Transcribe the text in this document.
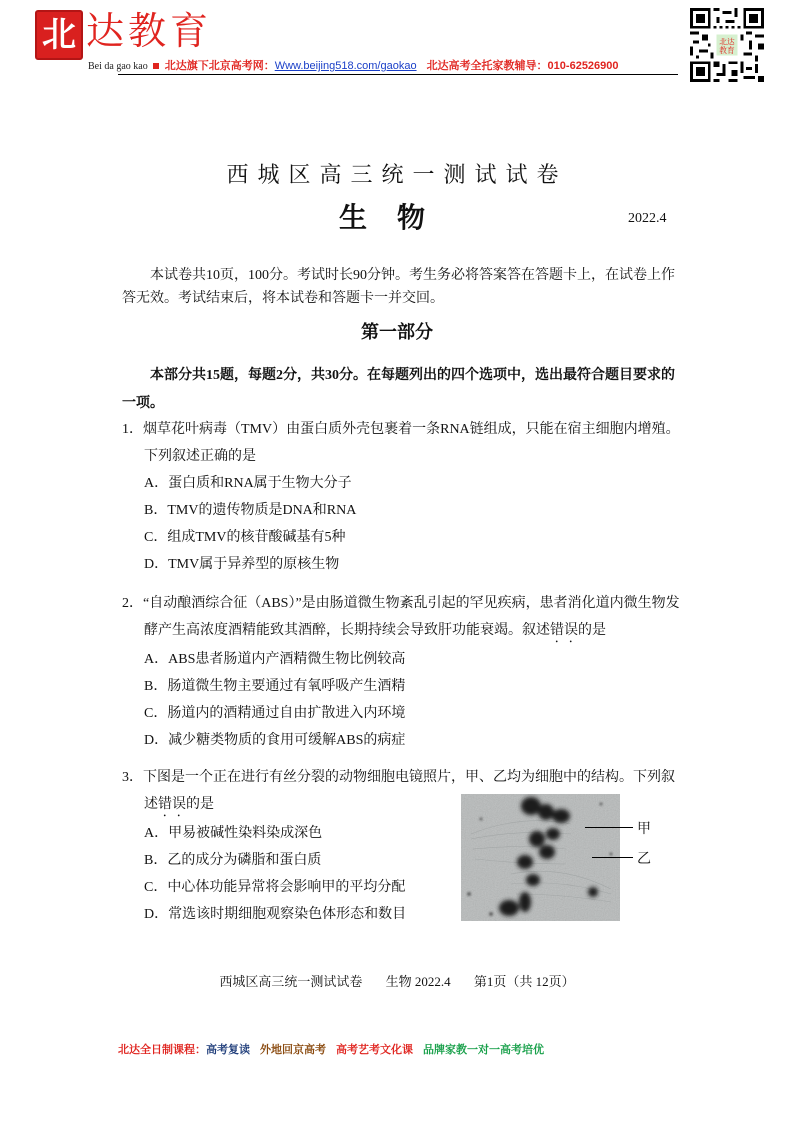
北 达教育
Bei da gao kao 北达旗下北京高考网：Www.beijing518.com/gaokao 北达高考全托家教辅导：010-62526900
北达
教育
西城区高三统一测试试卷
生物	2022.4
本试卷共10页，100分。考试时长90分钟。考生务必将答案答在答题卡上，在试卷上作答无效。考试结束后，将本试卷和答题卡一并交回。
第一部分
本部分共15题，每题2分，共30分。在每题列出的四个选项中，选出最符合题目要求的一项。
1．烟草花叶病毒（TMV）由蛋白质外壳包裹着一条RNA链组成，只能在宿主细胞内增殖。下列叙述正确的是
A．蛋白质和RNA属于生物大分子
B．TMV的遗传物质是DNA和RNA
C．组成TMV的核苷酸碱基有5种
D．TMV属于异养型的原核生物
2．“自动酿酒综合征（ABS）”是由肠道微生物紊乱引起的罕见疾病，患者消化道内微生物发酵产生高浓度酒精能致其酒醉，长期持续会导致肝功能衰竭。叙述错误的是
A．ABS患者肠道内产酒精微生物比例较高
B．肠道微生物主要通过有氧呼吸产生酒精
C．肠道内的酒精通过自由扩散进入内环境
D．减少糖类物质的食用可缓解ABS的病症
3．下图是一个正在进行有丝分裂的动物细胞电镜照片，甲、乙均为细胞中的结构。下列叙述错误的是
A．甲易被碱性染料染成深色
B．乙的成分为磷脂和蛋白质
C．中心体功能异常将会影响甲的平均分配
D．常选该时期细胞观察染色体形态和数目
甲
乙
西城区高三统一测试试卷 生物 2022.4 第1页（共 12页）
北达全日制课程：高考复读 外地回京高考 高考艺考文化课 品牌家教一对一高考培优
